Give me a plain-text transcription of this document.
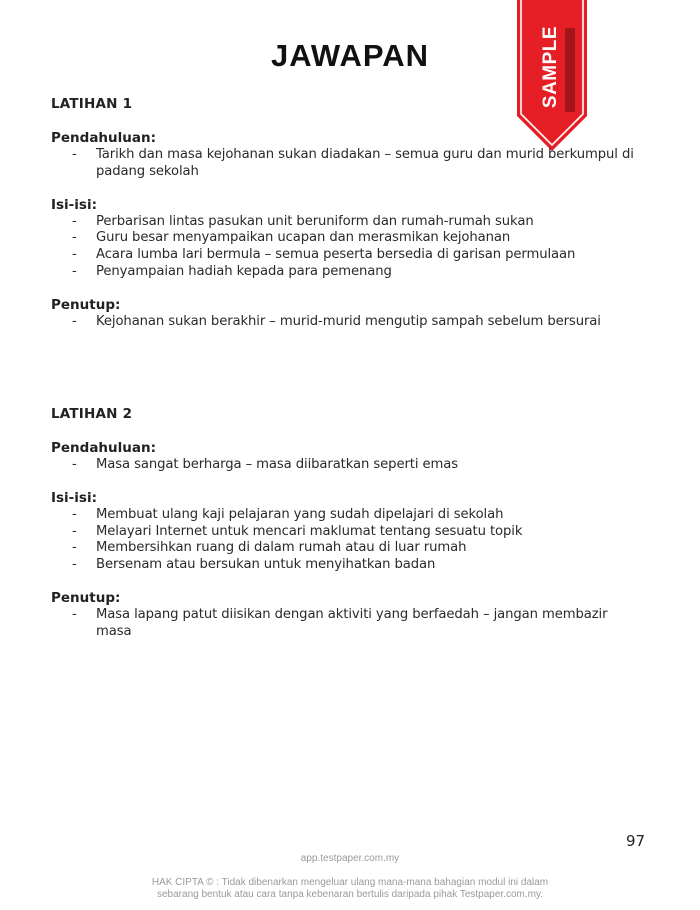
JAWAPAN	SAMPLE
LATIHAN 1

Pendahuluan:

- Tarikh dan masa kejohanan sukan diadakan – semua guru dan murid berkumpul di padang sekolah

Isi-isi:

- Perbarisan lintas pasukan unit beruniform dan rumah-rumah sukan
- Guru besar menyampaikan ucapan dan merasmikan kejohanan
- Acara lumba lari bermula – semua peserta bersedia di garisan permulaan
- Penyampaian hadiah kepada para pemenang

Penutup:

- Kejohanan sukan berakhir – murid-murid mengutip sampah sebelum bersurai
LATIHAN 2

Pendahuluan:

- Masa sangat berharga – masa diibaratkan seperti emas

Isi-isi:

- Membuat ulang kaji pelajaran yang sudah dipelajari di sekolah
- Melayari Internet untuk mencari maklumat tentang sesuatu topik
- Membersihkan ruang di dalam rumah atau di luar rumah
- Bersenam atau bersukan untuk menyihatkan badan

Penutup:

- Masa lapang patut diisikan dengan aktiviti yang berfaedah – jangan membazir masa
97
app.testpaper.com.my
HAK CIPTA © : Tidak dibenarkan mengeluar ulang mana-mana bahagian modul ini dalam
sebarang bentuk atau cara tanpa kebenaran bertulis daripada pihak Testpaper.com.my.
